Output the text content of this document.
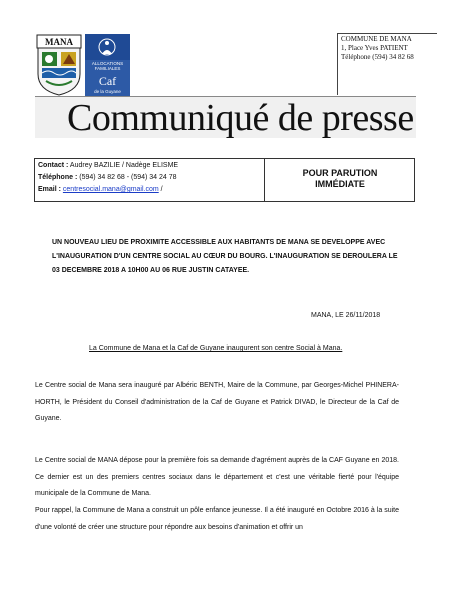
MANA
ALLOCATIONS
FAMILIALES
Caf
de la Guyane
COMMUNE DE MANA
1, Place Yves PATIENT
Téléphone (594) 34 82 68
Communiqué de presse
Contact : Audrey BAZILIE / Nadège ELISME
Téléphone : (594) 34 82 68 - (594) 34 24 78
Email : centresocial.mana@gmail.com /
POUR PARUTION
IMMÉDIATE
UN NOUVEAU LIEU DE PROXIMITE ACCESSIBLE AUX HABITANTS DE MANA SE DEVELOPPE AVEC L'INAUGURATION D'UN CENTRE SOCIAL AU CŒUR DU BOURG. L'INAUGURATION SE DEROULERA LE 03 DECEMBRE 2018 A 10H00 AU 06 RUE JUSTIN CATAYEE.
MANA, LE 26/11/2018
La Commune de Mana et la Caf de Guyane inaugurent son centre Social à Mana.
Le Centre social de Mana sera inauguré par Albéric BENTH, Maire de la Commune, par Georges-Michel PHINERA-HORTH, le Président du Conseil d'administration de la Caf de Guyane et Patrick DIVAD, le Directeur de la Caf de Guyane.
Le Centre social de MANA dépose pour la première fois sa demande d'agrément auprès de la CAF Guyane en 2018. Ce dernier est un des premiers centres sociaux dans le département et c'est une véritable fierté pour l'équipe municipale de la Commune de Mana.
Pour rappel, la Commune de Mana a construit un pôle enfance jeunesse. Il a été inauguré en Octobre 2016 à la suite d'une volonté de créer une structure pour répondre aux besoins d'animation et offrir un
